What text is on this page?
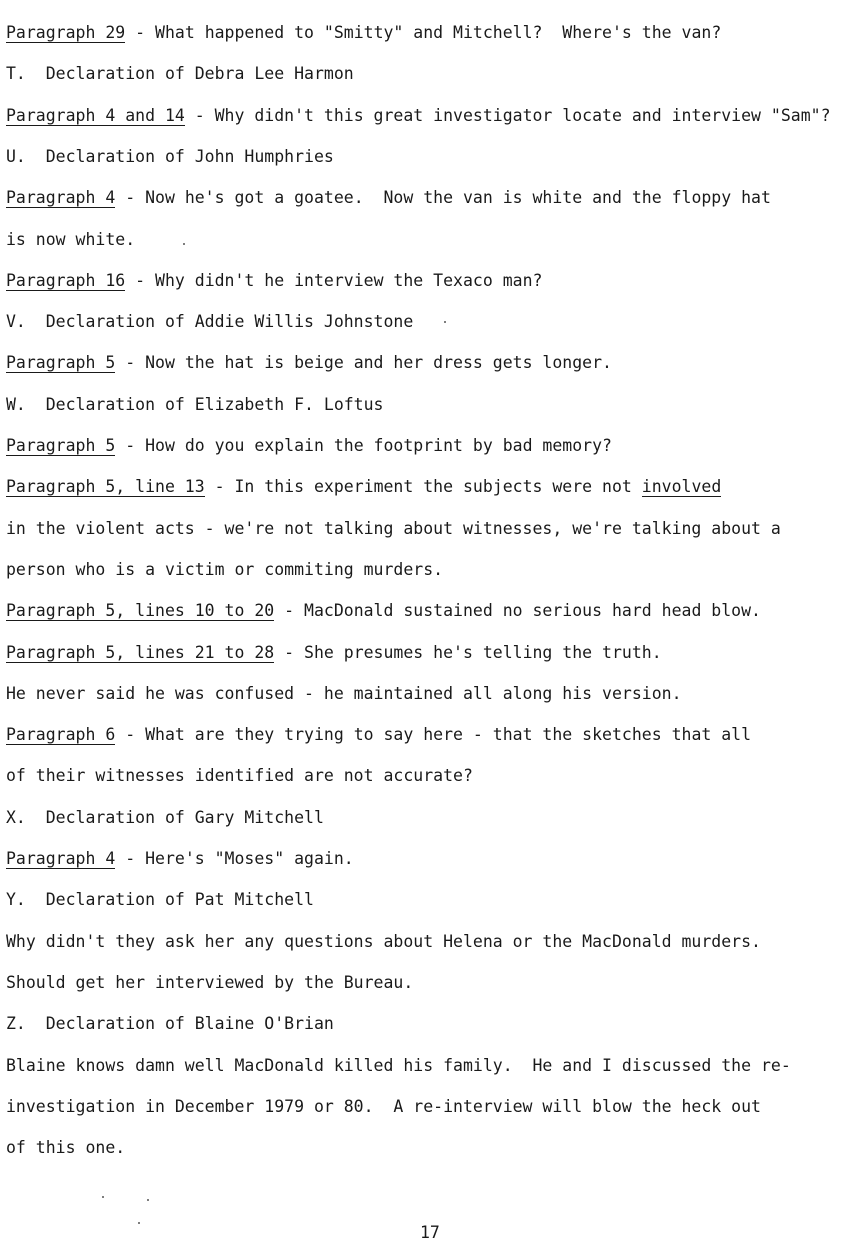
Paragraph 29 - What happened to "Smitty" and Mitchell?  Where's the van?
T.  Declaration of Debra Lee Harmon
Paragraph 4 and 14 - Why didn't this great investigator locate and interview "Sam"?
U.  Declaration of John Humphries
Paragraph 4 - Now he's got a goatee.  Now the van is white and the floppy hat
is now white.
Paragraph 16 - Why didn't he interview the Texaco man?
V.  Declaration of Addie Willis Johnstone
Paragraph 5 - Now the hat is beige and her dress gets longer.
W.  Declaration of Elizabeth F. Loftus
Paragraph 5 - How do you explain the footprint by bad memory?
Paragraph 5, line 13 - In this experiment the subjects were not involved
in the violent acts - we're not talking about witnesses, we're talking about a
person who is a victim or commiting murders.
Paragraph 5, lines 10 to 20 - MacDonald sustained no serious hard head blow.
Paragraph 5, lines 21 to 28 - She presumes he's telling the truth.
He never said he was confused - he maintained all along his version.
Paragraph 6 - What are they trying to say here - that the sketches that all
of their witnesses identified are not accurate?
X.  Declaration of Gary Mitchell
Paragraph 4 - Here's "Moses" again.
Y.  Declaration of Pat Mitchell
Why didn't they ask her any questions about Helena or the MacDonald murders.
Should get her interviewed by the Bureau.
Z.  Declaration of Blaine O'Brian
Blaine knows damn well MacDonald killed his family.  He and I discussed the re-
investigation in December 1979 or 80.  A re-interview will blow the heck out
of this one.
17
